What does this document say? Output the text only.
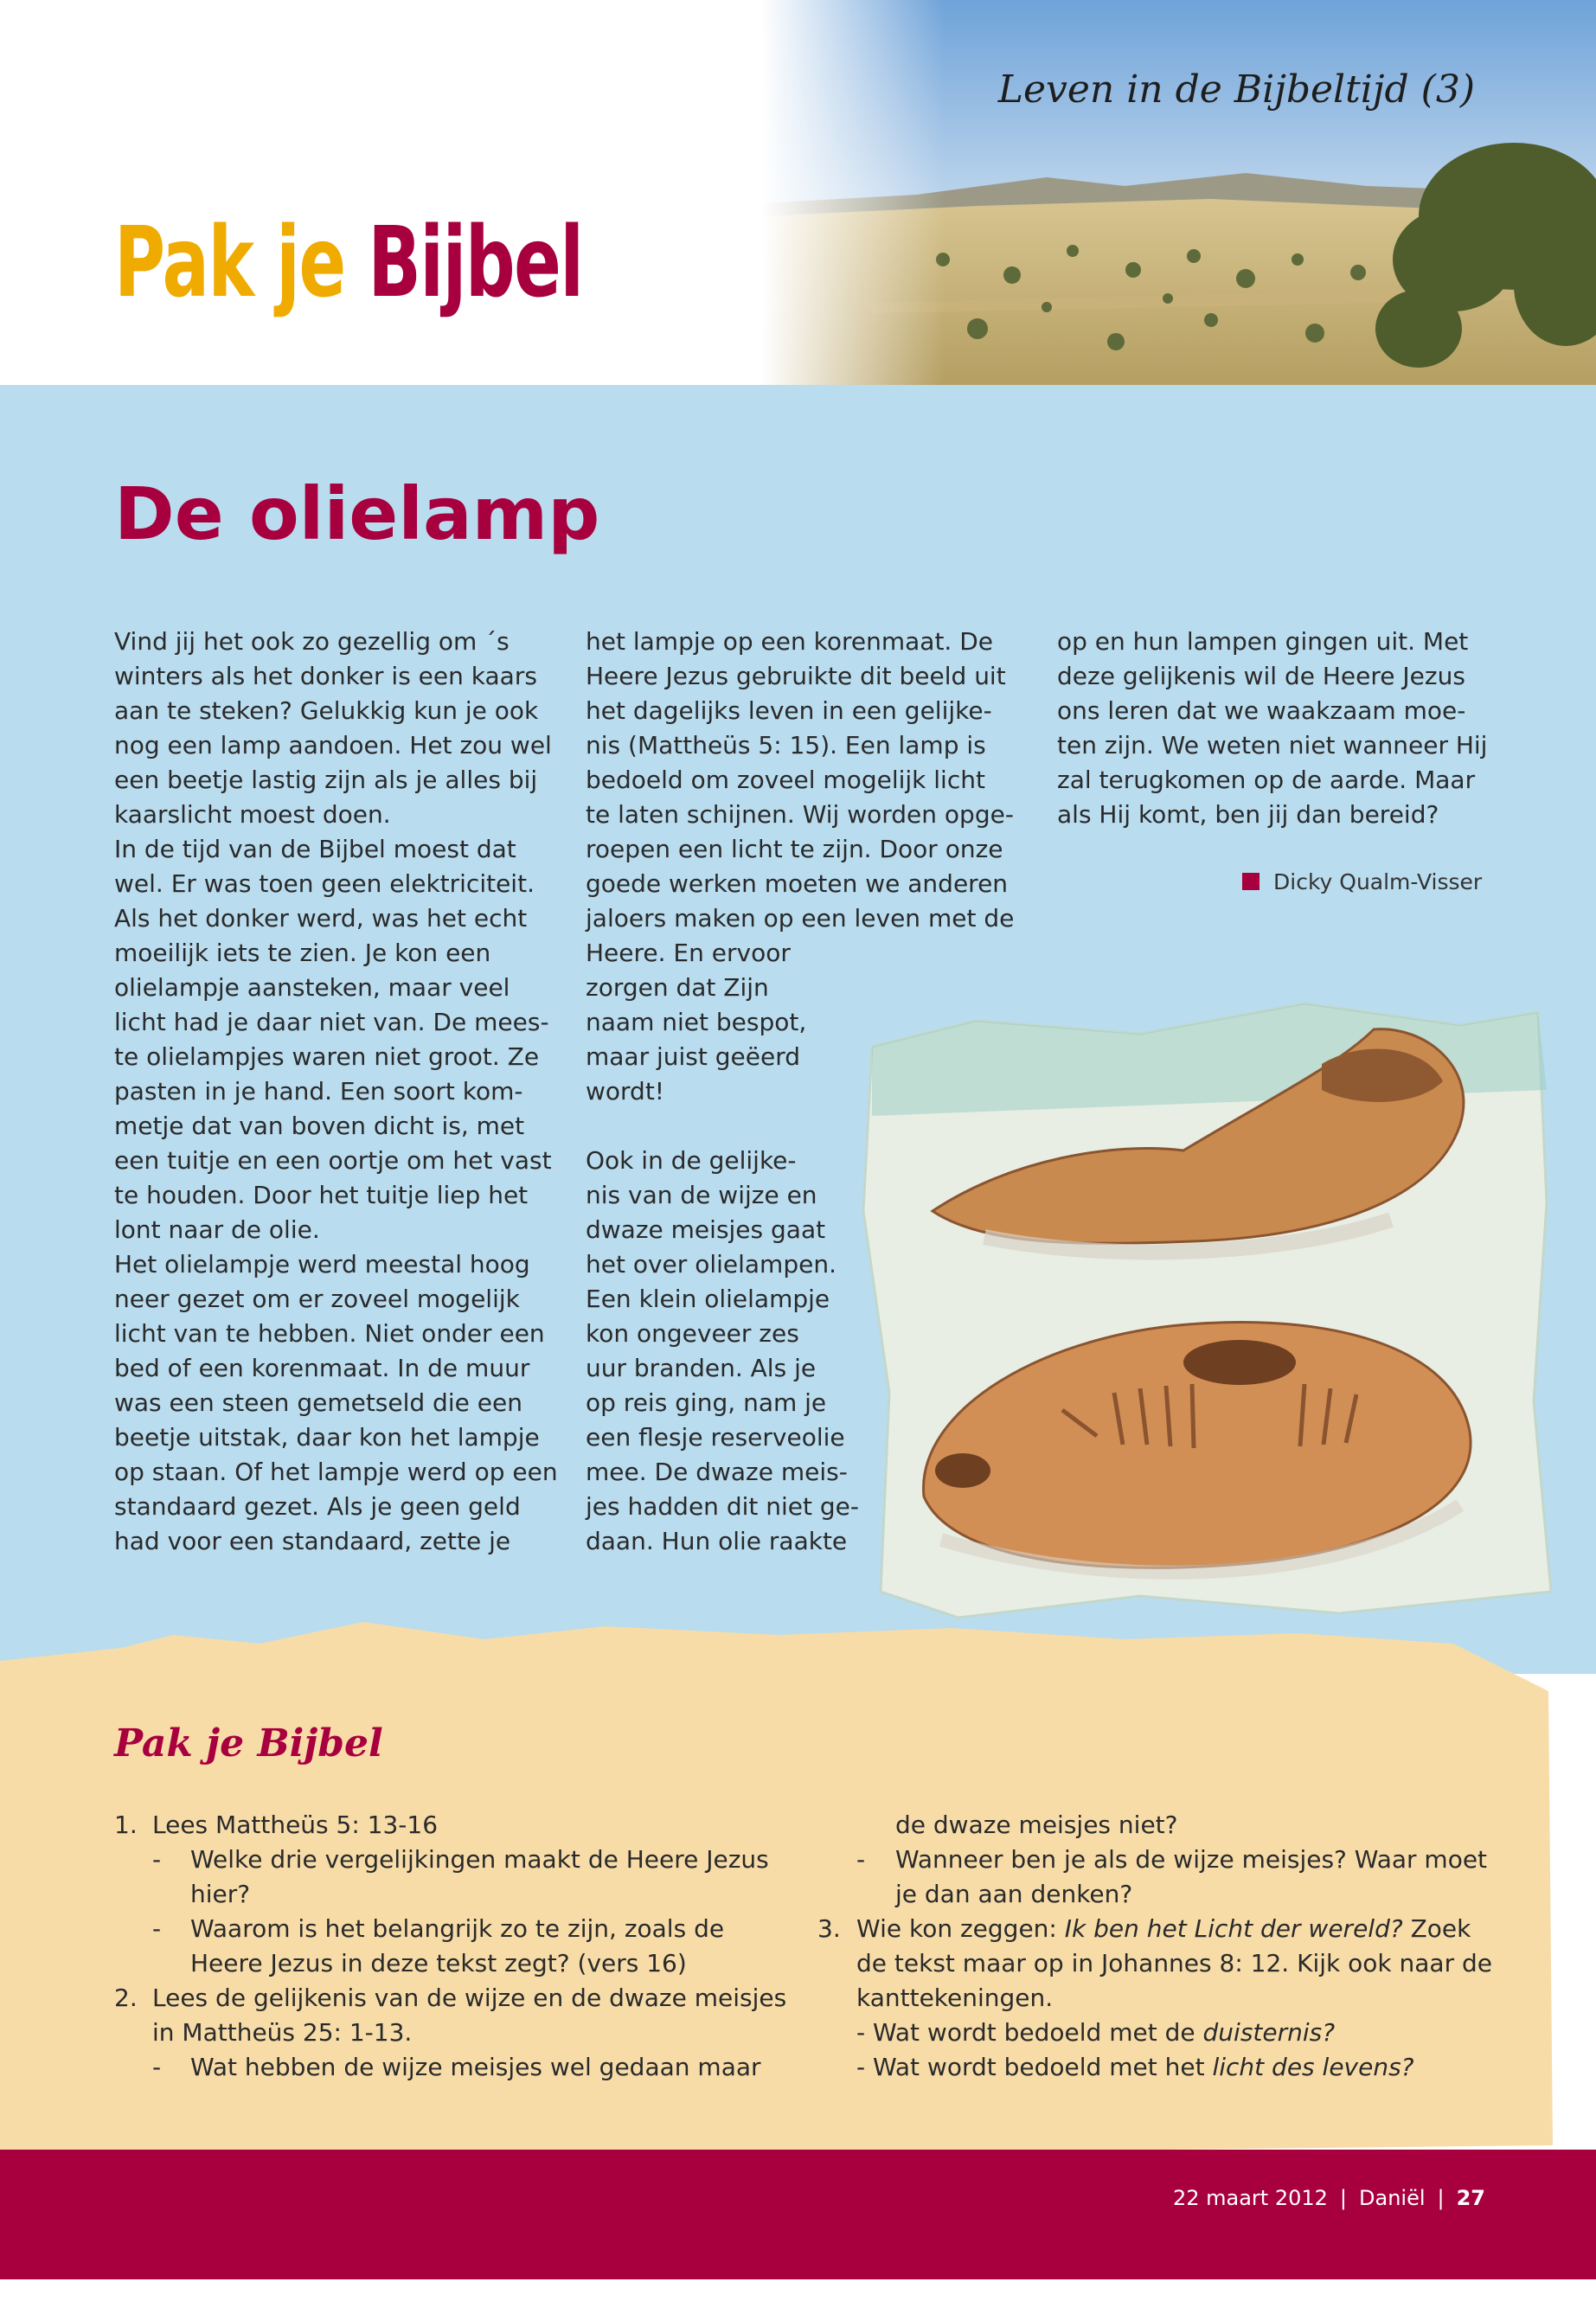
Leven in de Bijbeltijd (3)
Pak je Bijbel
De olielamp
Vind jij het ook zo gezellig om ´s
winters als het donker is een kaars
aan te steken? Gelukkig kun je ook
nog een lamp aandoen. Het zou wel
een beetje lastig zijn als je alles bij
kaarslicht moest doen.
In de tijd van de Bijbel moest dat
wel. Er was toen geen elektriciteit.
Als het donker werd, was het echt
moeilijk iets te zien. Je kon een
olielampje aansteken, maar veel
licht had je daar niet van. De mees-
te olielampjes waren niet groot. Ze
pasten in je hand. Een soort kom-
metje dat van boven dicht is, met
een tuitje en een oortje om het vast
te houden. Door het tuitje liep het
lont naar de olie.
Het olielampje werd meestal hoog
neer gezet om er zoveel mogelijk
licht van te hebben. Niet onder een
bed of een korenmaat. In de muur
was een steen gemetseld die een
beetje uitstak, daar kon het lampje
op staan. Of het lampje werd op een
standaard gezet. Als je geen geld
had voor een standaard, zette je
het lampje op een korenmaat. De
Heere Jezus gebruikte dit beeld uit
het dagelijks leven in een gelijke-
nis (Mattheüs 5: 15). Een lamp is
bedoeld om zoveel mogelijk licht
te laten schijnen. Wij worden opge-
roepen een licht te zijn. Door onze
goede werken moeten we anderen
jaloers maken op een leven met de
Heere. En ervoor
zorgen dat Zijn
naam niet bespot,
maar juist geëerd
wordt!

Ook in de gelijke-
nis van de wijze en
dwaze meisjes gaat
het over olielampen.
Een klein olielampje
kon ongeveer zes
uur branden. Als je
op reis ging, nam je
een flesje reserveolie
mee. De dwaze meis-
jes hadden dit niet ge-
daan. Hun olie raakte
op en hun lampen gingen uit. Met
deze gelijkenis wil de Heere Jezus
ons leren dat we waakzaam moe-
ten zijn. We weten niet wanneer Hij
zal terugkomen op de aarde. Maar
als Hij komt, ben jij dan bereid?
Dicky Qualm-Visser
Pak je Bijbel
1. Lees Mattheüs 5: 13-16
- Welke drie vergelijkingen maakt de Heere Jezus
hier?
- Waarom is het belangrijk zo te zijn, zoals de
Heere Jezus in deze tekst zegt? (vers 16)
2. Lees de gelijkenis van de wijze en de dwaze meisjes
in Mattheüs 25: 1-13.
- Wat hebben de wijze meisjes wel gedaan maar
de dwaze meisjes niet?
- Wanneer ben je als de wijze meisjes? Waar moet
je dan aan denken?
3. Wie kon zeggen: Ik ben het Licht der wereld? Zoek
de tekst maar op in Johannes 8: 12. Kijk ook naar de
kanttekeningen.
- Wat wordt bedoeld met de duisternis?
- Wat wordt bedoeld met het licht des levens?
22 maart 2012 | Daniël | 27
